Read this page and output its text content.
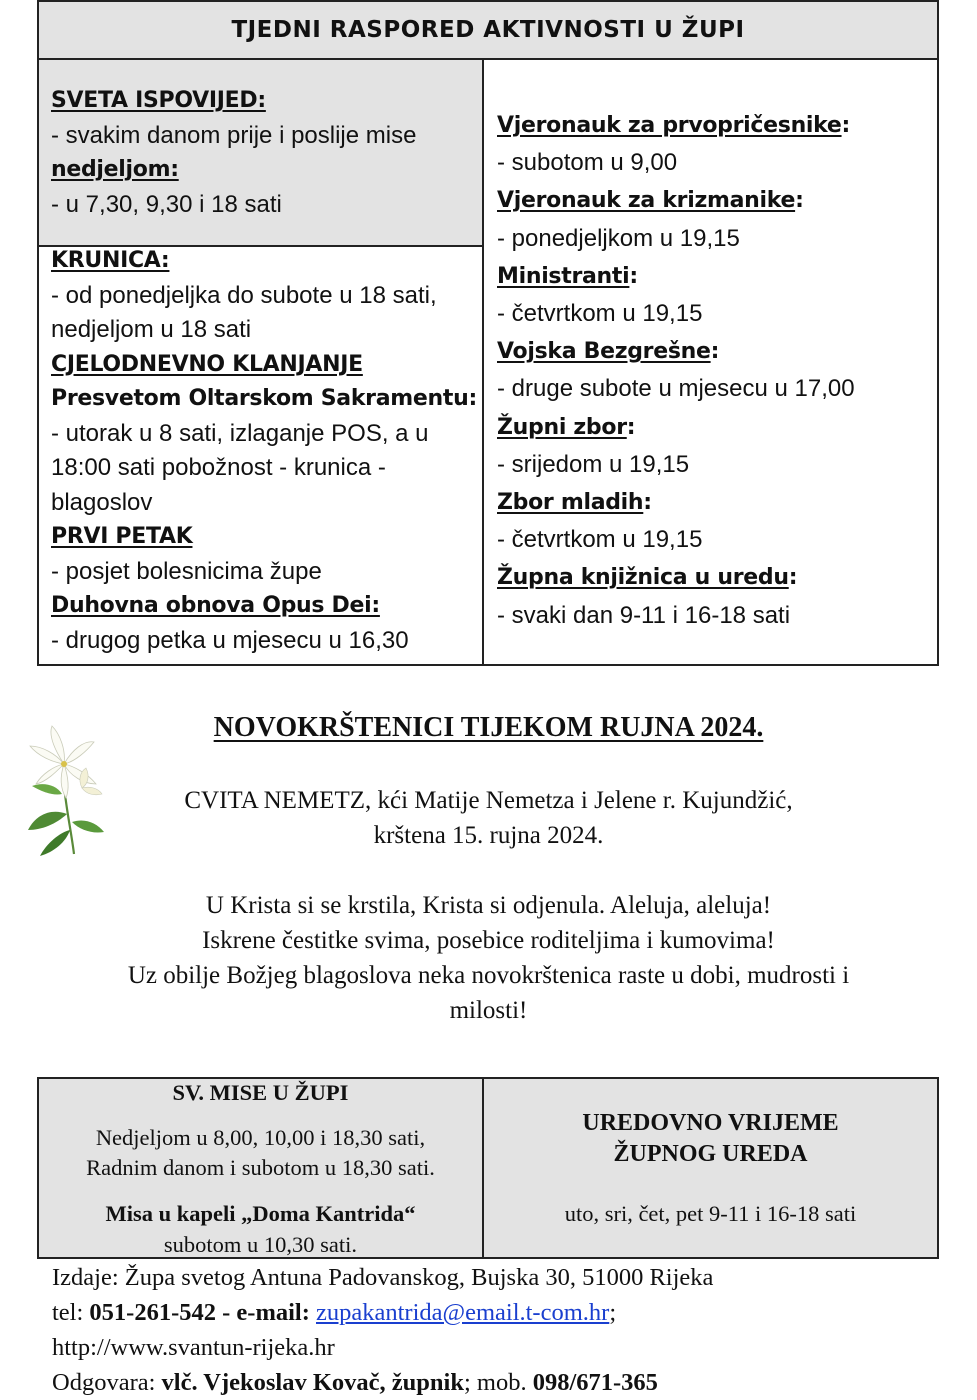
TJEDNI RASPORED AKTIVNOSTI U ŽUPI
SVETA ISPOVIJED:
- svakim danom prije i poslije mise
nedjeljom:
- u 7,30, 9,30 i 18 sati
KRUNICA:
- od ponedjeljka do subote u 18 sati,
nedjeljom u 18 sati
CJELODNEVNO KLANJANJE
Presvetom Oltarskom Sakramentu:
- utorak u 8 sati, izlaganje POS, a u
18:00 sati pobožnost - krunica -
blagoslov
PRVI PETAK
- posjet bolesnicima župe
Duhovna obnova Opus Dei:
- drugog petka u mjesecu u 16,30
Vjeronauk za prvopričesnike:
- subotom u 9,00
Vjeronauk za krizmanike:
- ponedjeljkom u 19,15
Ministranti:
- četvrtkom u 19,15
Vojska Bezgrešne:
- druge subote u mjesecu u 17,00
Župni zbor:
- srijedom u 19,15
Zbor mladih:
- četvrtkom u 19,15
Župna knjižnica u uredu:
- svaki dan 9-11 i 16-18 sati
NOVOKRŠTENICI TIJEKOM RUJNA 2024.
CVITA NEMETZ, kći Matije Nemetza i Jelene r. Kujundžić,
krštena 15. rujna 2024.
U Krista si se krstila, Krista si odjenula. Aleluja, aleluja!
Iskrene čestitke svima, posebice roditeljima i kumovima!
Uz obilje Božjeg blagoslova neka novokrštenica raste u dobi, mudrosti i
milosti!
SV. MISE U ŽUPI
Nedjeljom u 8,00, 10,00 i 18,30 sati,
Radnim danom i subotom u 18,30 sati.
Misa u kapeli „Doma Kantrida“
subotom u 10,30 sati.
UREDOVNO VRIJEME
ŽUPNOG UREDA
uto, sri, čet, pet 9-11 i 16-18 sati
Izdaje: Župa svetog Antuna Padovanskog, Bujska 30, 51000 Rijeka
tel: 051-261-542 - e-mail: zupakantrida@email.t-com.hr;
http://www.svantun-rijeka.hr
Odgovara: vlč. Vjekoslav Kovač, župnik; mob. 098/671-365
